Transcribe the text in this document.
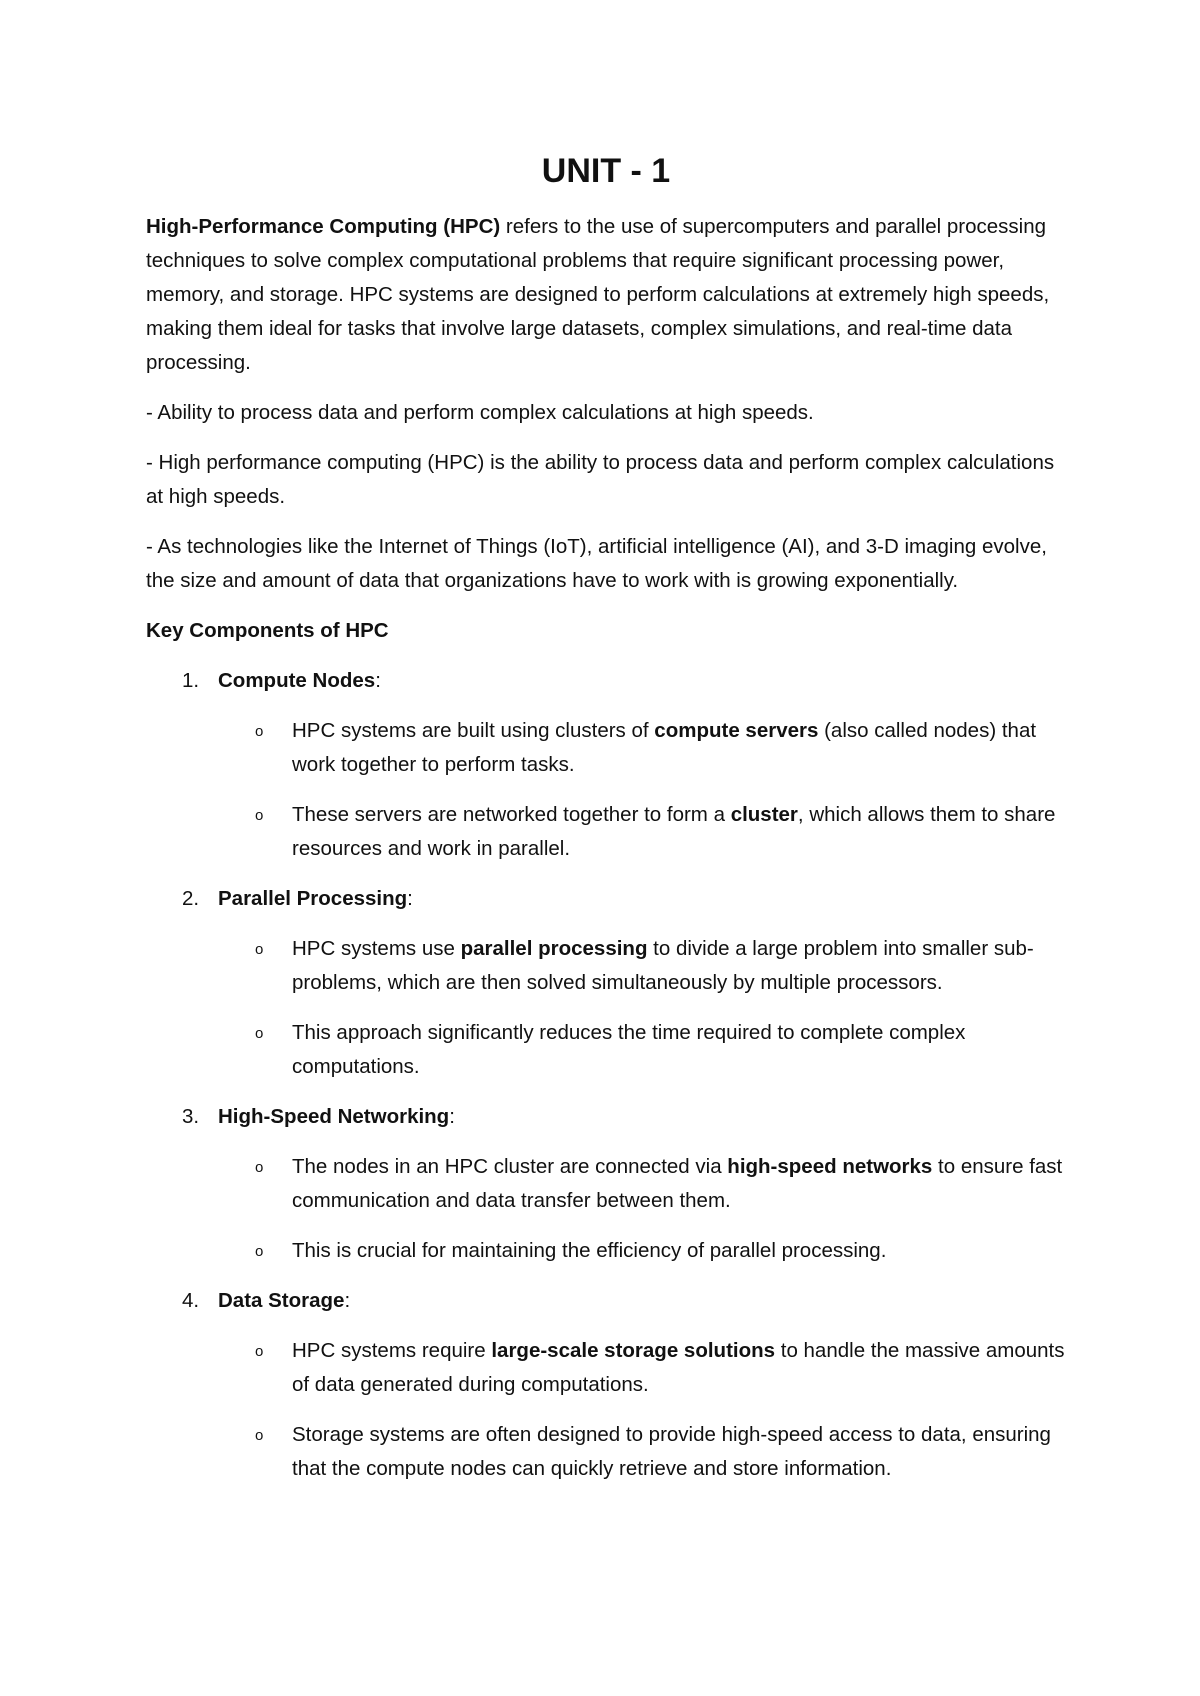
UNIT - 1

High-Performance Computing (HPC) refers to the use of supercomputers and parallel processing techniques to solve complex computational problems that require significant processing power, memory, and storage. HPC systems are designed to perform calculations at extremely high speeds, making them ideal for tasks that involve large datasets, complex simulations, and real-time data processing.

- Ability to process data and perform complex calculations at high speeds.

- High performance computing (HPC) is the ability to process data and perform complex calculations at high speeds.

- As technologies like the Internet of Things (IoT), artificial intelligence (AI), and 3-D imaging evolve, the size and amount of data that organizations have to work with is growing exponentially.

Key Components of HPC
1. Compute Nodes:
o HPC systems are built using clusters of compute servers (also called nodes) that work together to perform tasks.
o These servers are networked together to form a cluster, which allows them to share resources and work in parallel.
2. Parallel Processing:
o HPC systems use parallel processing to divide a large problem into smaller sub-problems, which are then solved simultaneously by multiple processors.
o This approach significantly reduces the time required to complete complex computations.
3. High-Speed Networking:
o The nodes in an HPC cluster are connected via high-speed networks to ensure fast communication and data transfer between them.
o This is crucial for maintaining the efficiency of parallel processing.
4. Data Storage:
o HPC systems require large-scale storage solutions to handle the massive amounts of data generated during computations.
o Storage systems are often designed to provide high-speed access to data, ensuring that the compute nodes can quickly retrieve and store information.
